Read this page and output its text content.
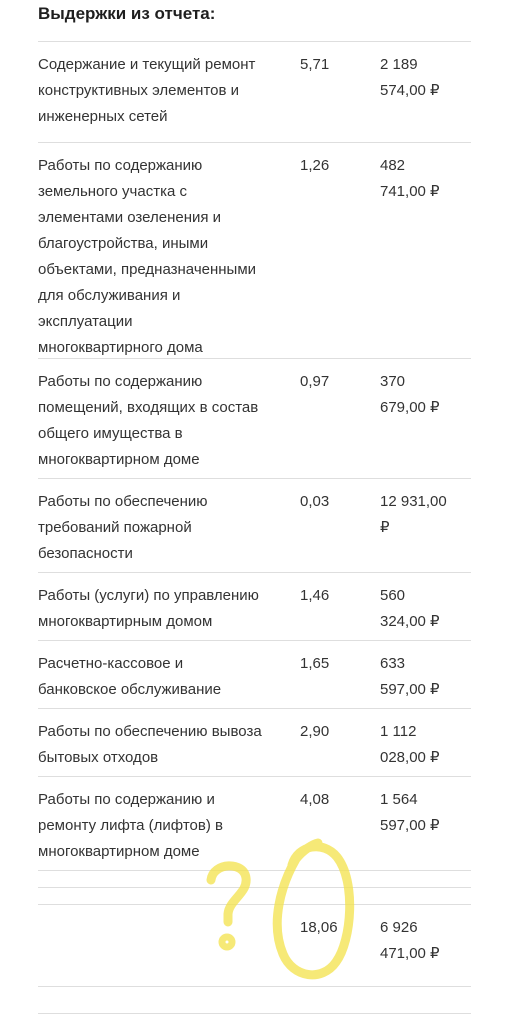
Выдержки из отчета:
Содержание и текущий ремонт
конструктивных элементов и
инженерных сетей
5,71	2 189
574,00 ₽
Работы по содержанию
земельного участка с
элементами озеленения и
благоустройства, иными
объектами, предназначенными
для обслуживания и
эксплуатации
многоквартирного дома
1,26	482
741,00 ₽
Работы по содержанию
помещений, входящих в состав
общего имущества в
многоквартирном доме
0,97	370
679,00 ₽
Работы по обеспечению
требований пожарной
безопасности
0,03	12 931,00
₽
Работы (услуги) по управлению
многоквартирным домом
1,46	560
324,00 ₽
Расчетно-кассовое и
банковское обслуживание
1,65	633
597,00 ₽
Работы по обеспечению вывоза
бытовых отходов
2,90	1 112
028,00 ₽
Работы по содержанию и
ремонту лифта (лифтов) в
многоквартирном доме
4,08	1 564
597,00 ₽
18,06	6 926
471,00 ₽
